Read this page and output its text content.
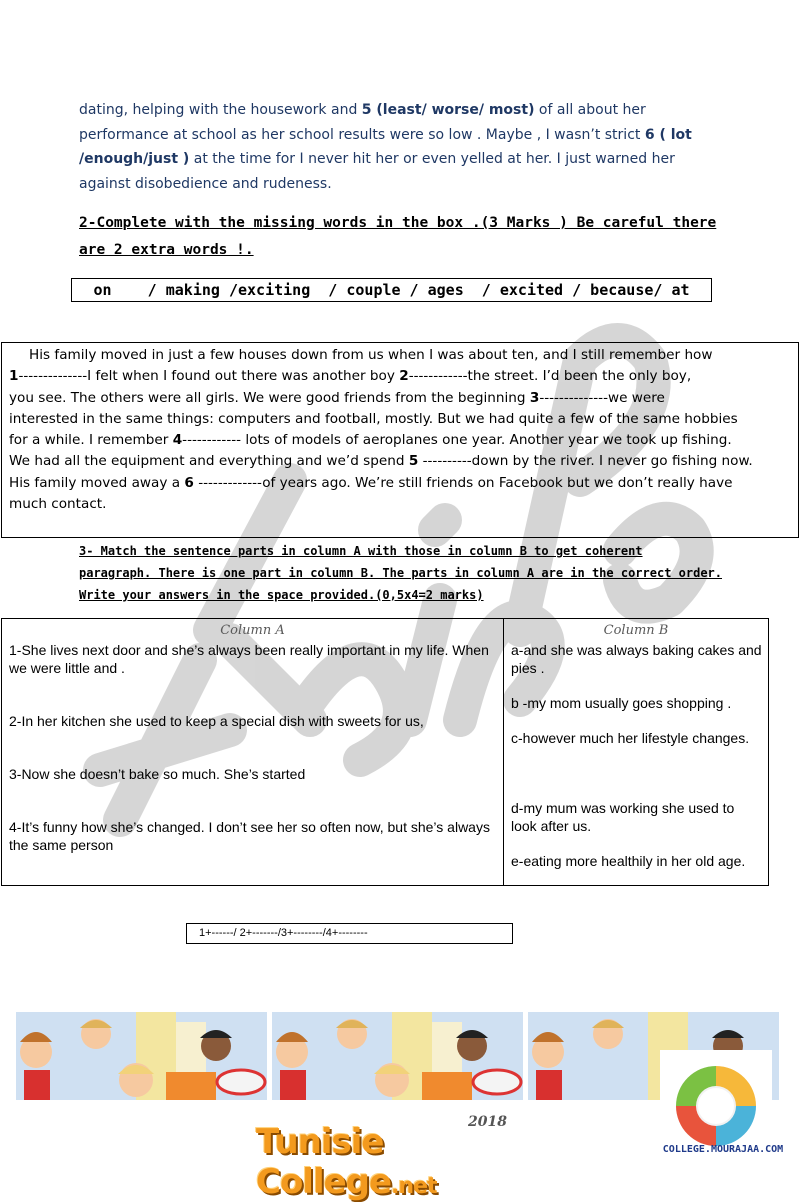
dating, helping with the housework and 5 (least/ worse/ most) of all about her
performance at school as her school results were so low . Maybe , I wasn’t strict 6 ( lot
/enough/just ) at the time for I never hit her or even yelled at her. I just warned her
against disobedience and rudeness.
2-Complete with the missing words in the box .(3 Marks ) Be careful there
are 2 extra words !.
on    / making /exciting  / couple / ages  / excited / because/ at
His family moved in just a few houses down from us when I was about ten, and I still remember how
1--------------I felt when I found out there was another boy 2------------the street. I’d been the only boy,
you see. The others were all girls. We were good friends from the beginning 3--------------we were
interested in the same things: computers and football, mostly. But we had quite a few of the same hobbies
for a while. I remember 4------------ lots of models of aeroplanes one year. Another year we took up fishing.
We had all the equipment and everything and we’d spend 5 ----------down by the river. I never go fishing now.
His family moved away a 6 -------------of years ago. We’re still friends on Facebook but we don’t really have
much contact.
3- Match the sentence parts in column A with those in column B to get coherent
paragraph. There is one part in column B. The parts in column A are in the correct order.
Write your answers in the space provided.(0,5x4=2 marks)
Column A
1-She lives next door and she’s always been really important in my life. When we were little and .
2-In her kitchen she used to keep a special dish with sweets for us,
3-Now she doesn’t bake so much. She’s started
4-It’s funny how she’s changed. I don’t see her so often now, but she’s always the same person
Column B
a-and she was always baking cakes and pies .
b -my mom usually goes shopping .
c-however much her lifestyle changes.
d-my mum was working she used to look after us.
e-eating more healthily in her old age.
1+------/ 2+-------/3+--------/4+--------
COLLEGE.MOURAJAA.COM
2018
Tunisie College.net
